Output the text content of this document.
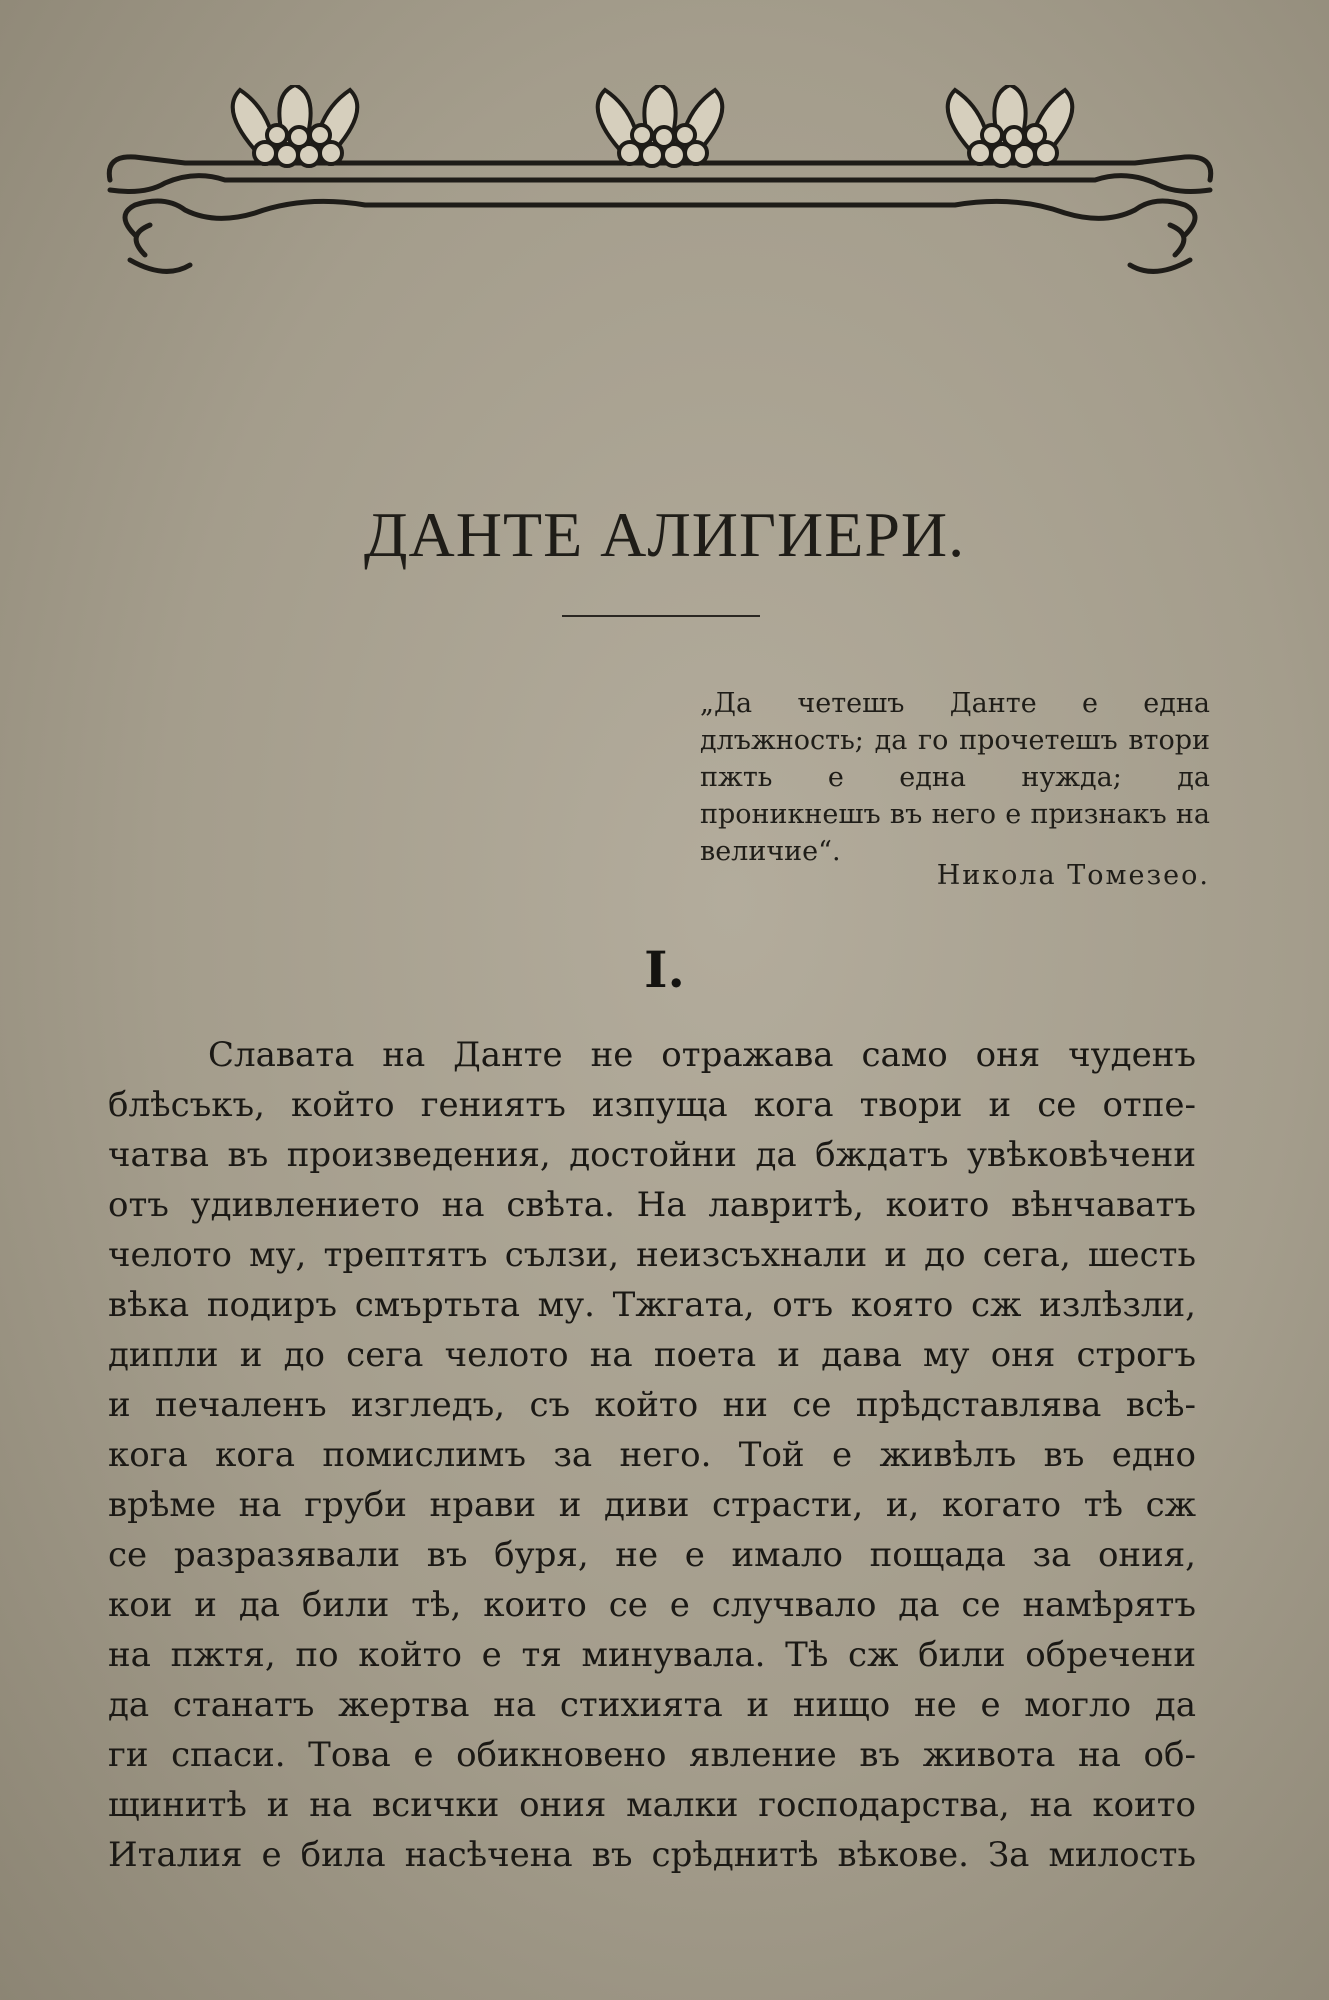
ДАНТЕ АЛИГИЕРИ.
„Да четешъ Данте е една длъжность; да го прочетешъ втори пжть е една нужда; да проникнешъ въ него е признакъ на величие“.
Никола Томезео.
I.
Славата на Данте не отражава само оня чуденъ
блѣсъкъ, който гениятъ изпуща кога твори и се отпе-
чатва въ произведения, достойни да бждатъ увѣковѣчени
отъ удивлението на свѣта. На лавритѣ, които вѣнчаватъ
челото му, трептятъ сълзи, неизсъхнали и до сега, шесть
вѣка подиръ смъртьта му. Тжгата, отъ която сж излѣзли,
дипли и до сега челото на поета и дава му оня строгъ
и печаленъ изгледъ, съ който ни се прѣдставлява всѣ-
кога кога помислимъ за него. Той е живѣлъ въ едно
врѣме на груби нрави и диви страсти, и, когато тѣ сж
се разразявали въ буря, не е имало пощада за ония,
кои и да били тѣ, които се е случвало да се намѣрятъ
на пжтя, по който е тя минувала. Тѣ сж били обречени
да станатъ жертва на стихията и нищо не е могло да
ги спаси. Това е обикновено явление въ живота на об-
щинитѣ и на всички ония малки господарства, на които
Италия е била насѣчена въ срѣднитѣ вѣкове. За милость
